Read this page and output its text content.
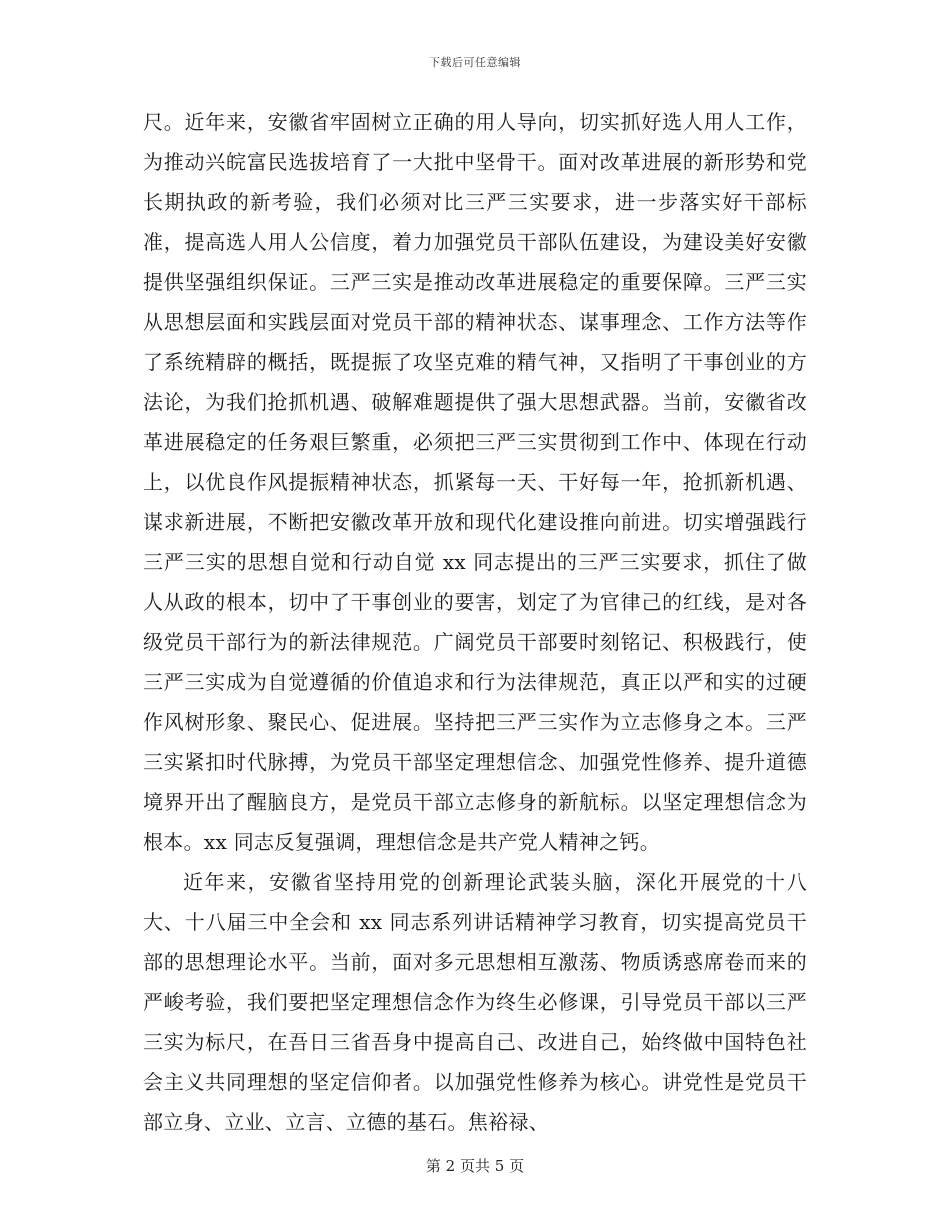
下载后可任意编辑

尺。近年来，安徽省牢固树立正确的用人导向，切实抓好选人用人工作，为推动兴皖富民选拔培育了一大批中坚骨干。面对改革进展的新形势和党长期执政的新考验，我们必须对比三严三实要求，进一步落实好干部标准，提高选人用人公信度，着力加强党员干部队伍建设，为建设美好安徽提供坚强组织保证。三严三实是推动改革进展稳定的重要保障。三严三实从思想层面和实践层面对党员干部的精神状态、谋事理念、工作方法等作了系统精辟的概括，既提振了攻坚克难的精气神，又指明了干事创业的方法论，为我们抢抓机遇、破解难题提供了强大思想武器。当前，安徽省改革进展稳定的任务艰巨繁重，必须把三严三实贯彻到工作中、体现在行动上，以优良作风提振精神状态，抓紧每一天、干好每一年，抢抓新机遇、谋求新进展，不断把安徽改革开放和现代化建设推向前进。切实增强践行三严三实的思想自觉和行动自觉 xx 同志提出的三严三实要求，抓住了做人从政的根本，切中了干事创业的要害，划定了为官律己的红线，是对各级党员干部行为的新法律规范。广阔党员干部要时刻铭记、积极践行，使三严三实成为自觉遵循的价值追求和行为法律规范，真正以严和实的过硬作风树形象、聚民心、促进展。坚持把三严三实作为立志修身之本。三严三实紧扣时代脉搏，为党员干部坚定理想信念、加强党性修养、提升道德境界开出了醒脑良方，是党员干部立志修身的新航标。以坚定理想信念为根本。xx 同志反复强调，理想信念是共产党人精神之钙。

近年来，安徽省坚持用党的创新理论武装头脑，深化开展党的十八大、十八届三中全会和 xx 同志系列讲话精神学习教育，切实提高党员干部的思想理论水平。当前，面对多元思想相互激荡、物质诱惑席卷而来的严峻考验，我们要把坚定理想信念作为终生必修课，引导党员干部以三严三实为标尺，在吾日三省吾身中提高自己、改进自己，始终做中国特色社会主义共同理想的坚定信仰者。以加强党性修养为核心。讲党性是党员干部立身、立业、立言、立德的基石。焦裕禄、

第 2 页共 5 页
